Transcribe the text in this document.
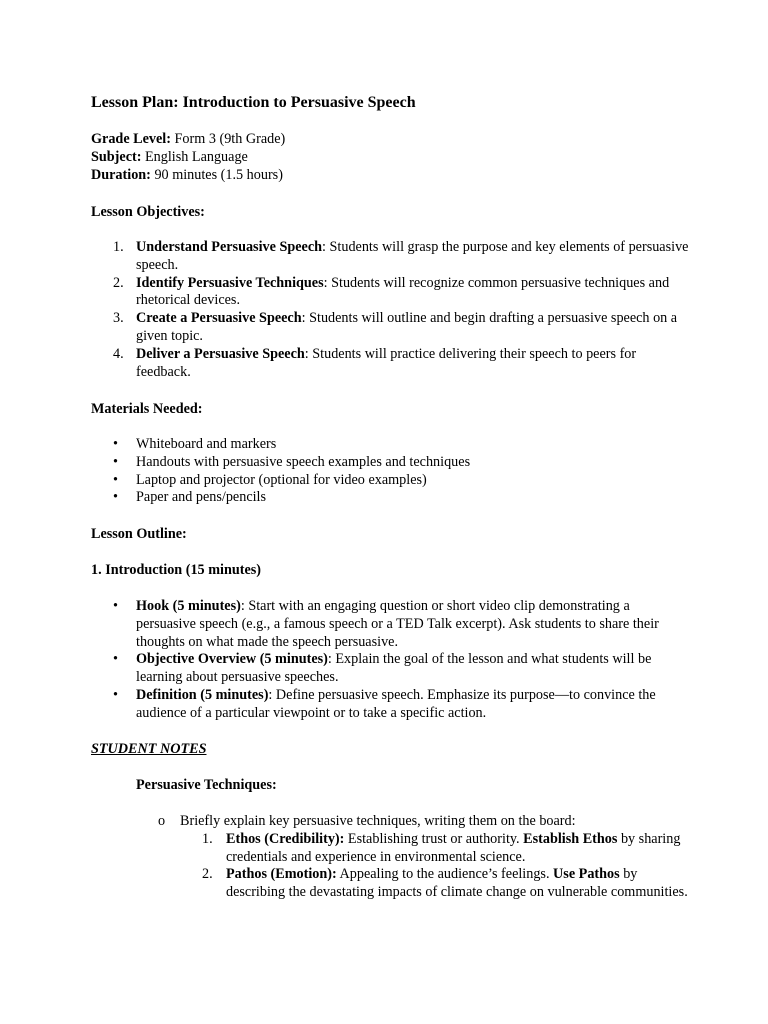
Lesson Plan: Introduction to Persuasive Speech
Grade Level: Form 3 (9th Grade)
Subject: English Language
Duration: 90 minutes (1.5 hours)
Lesson Objectives:
1. Understand Persuasive Speech: Students will grasp the purpose and key elements of persuasive speech.
2. Identify Persuasive Techniques: Students will recognize common persuasive techniques and rhetorical devices.
3. Create a Persuasive Speech: Students will outline and begin drafting a persuasive speech on a given topic.
4. Deliver a Persuasive Speech: Students will practice delivering their speech to peers for feedback.
Materials Needed:
• Whiteboard and markers
• Handouts with persuasive speech examples and techniques
• Laptop and projector (optional for video examples)
• Paper and pens/pencils
Lesson Outline:
1. Introduction (15 minutes)
• Hook (5 minutes): Start with an engaging question or short video clip demonstrating a persuasive speech (e.g., a famous speech or a TED Talk excerpt). Ask students to share their thoughts on what made the speech persuasive.
• Objective Overview (5 minutes): Explain the goal of the lesson and what students will be learning about persuasive speeches.
• Definition (5 minutes): Define persuasive speech. Emphasize its purpose—to convince the audience of a particular viewpoint or to take a specific action.
STUDENT NOTES
Persuasive Techniques:
o Briefly explain key persuasive techniques, writing them on the board:
1. Ethos (Credibility): Establishing trust or authority. Establish Ethos by sharing credentials and experience in environmental science.
2. Pathos (Emotion): Appealing to the audience’s feelings. Use Pathos by describing the devastating impacts of climate change on vulnerable communities.
